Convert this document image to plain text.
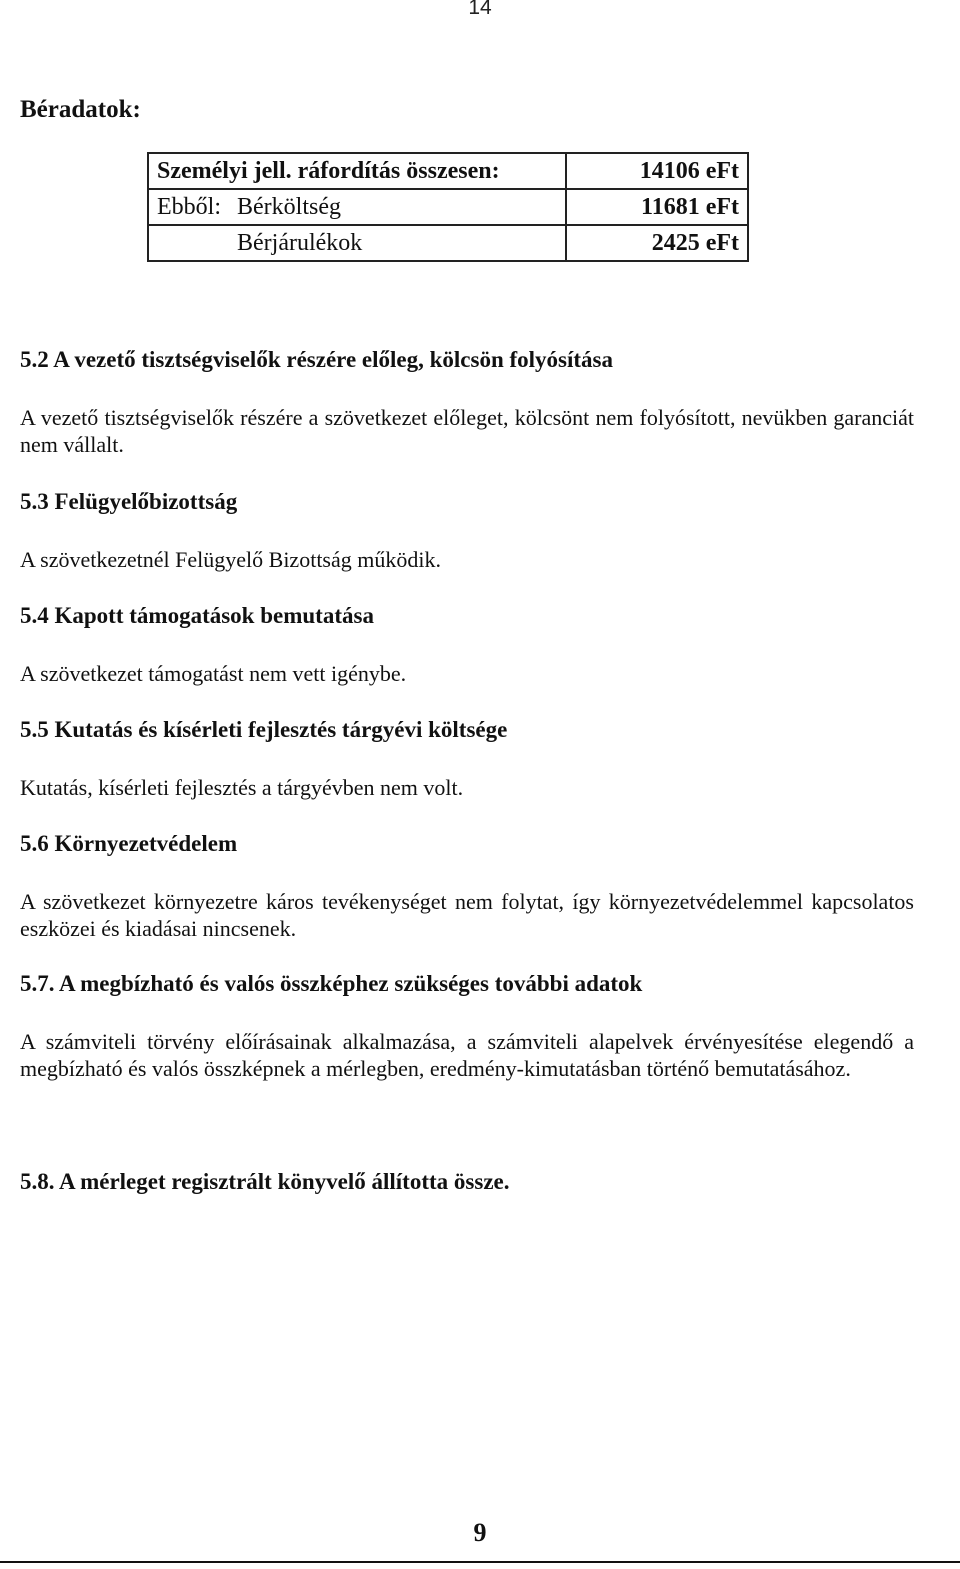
14
Béradatok:
Személyi jell. ráfordítás összesen:	14106 eFt
Ebből: Bérköltség	11681 eFt
Bérjárulékok	2425 eFt
5.2 A vezető tisztségviselők részére előleg, kölcsön folyósítása

A vezető tisztségviselők részére a szövetkezet előleget, kölcsönt nem folyósított, nevükben garanciát nem vállalt.

5.3 Felügyelőbizottság

A szövetkezetnél Felügyelő Bizottság működik.

5.4 Kapott támogatások bemutatása

A szövetkezet támogatást nem vett igénybe.

5.5 Kutatás és kísérleti fejlesztés tárgyévi költsége

Kutatás, kísérleti fejlesztés a tárgyévben nem volt.

5.6 Környezetvédelem

A szövetkezet környezetre káros tevékenységet nem folytat, így környezetvédelemmel kapcsolatos eszközei és kiadásai nincsenek.

5.7. A megbízható és valós összképhez szükséges további adatok

A számviteli törvény előírásainak alkalmazása, a számviteli alapelvek érvényesítése elegendő a megbízható és valós összképnek a mérlegben, eredmény-kimutatásban történő bemutatásához.

5.8. A mérleget regisztrált könyvelő állította össze.
9
